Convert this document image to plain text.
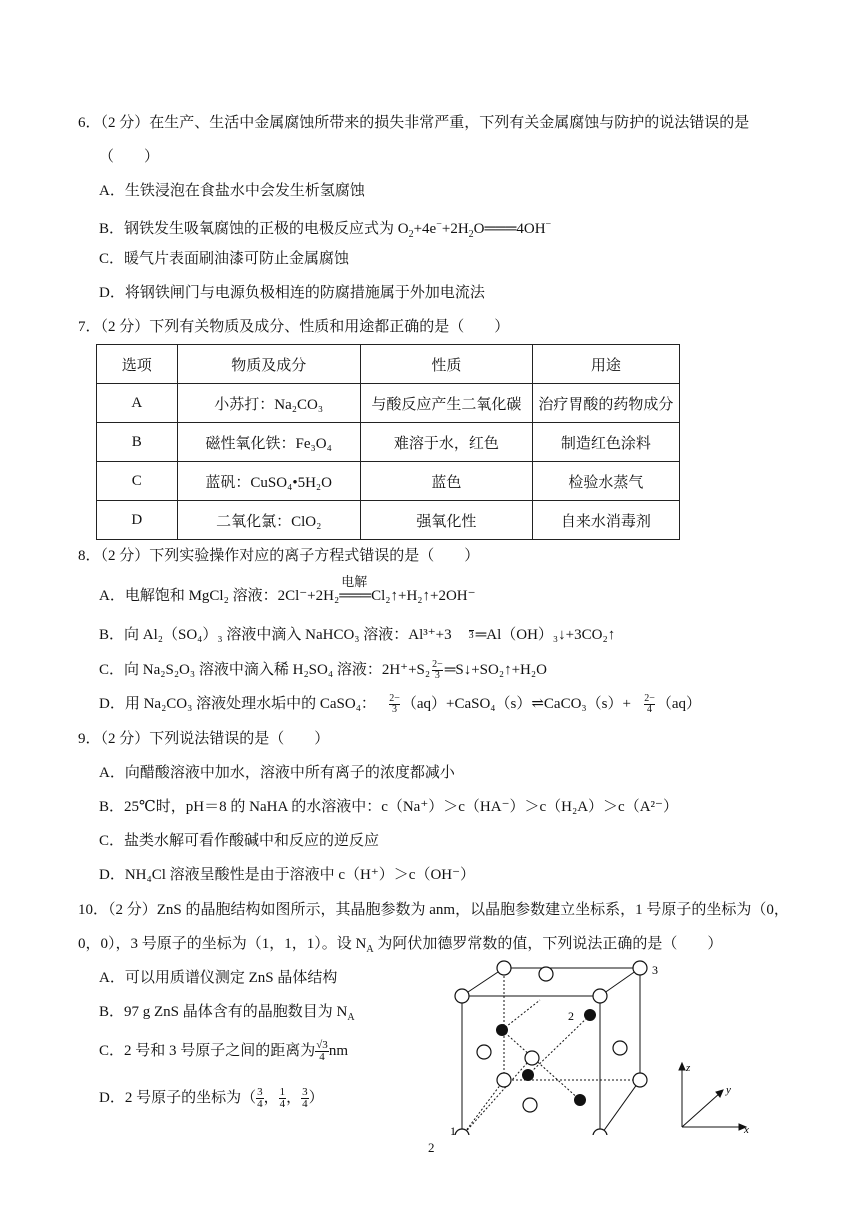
6．（2 分）在生产、生活中金属腐蚀所带来的损失非常严重，下列有关金属腐蚀与防护的说法错误的是
（　　）
A．生铁浸泡在食盐水中会发生析氢腐蚀
B．钢铁发生吸氧腐蚀的正极的电极反应式为 $O_2+4e^-+2H_2O═══4OH^-$
C．暖气片表面刷油漆可防止金属腐蚀
D．将钢铁闸门与电源负极相连的防腐措施属于外加电流法
7．（2 分）下列有关物质及成分、性质和用途都正确的是（　　）
选项	物质及成分	性质	用途
A	小苏打：Na₂CO₃	与酸反应产生二氧化碳	治疗胃酸的药物成分
B	磁性氧化铁：Fe₃O₄	难溶于水，红色	制造红色涂料
C	蓝矾：CuSO₄•5H₂O	蓝色	检验水蒸气
D	二氧化氯：ClO₂	强氧化性	自来水消毒剂
8．（2 分）下列实验操作对应的离子方程式错误的是（　　）
A．电解饱和 MgCl₂ 溶液：2Cl⁻+2H₂
电解
═══Cl₂↑+H₂↑+2OH⁻
B．向 Al₂（SO₄）₃ 溶液中滴入 NaHCO₃ 溶液：Al³⁺+3 3 ═Al（OH）₃↓+3CO₂↑
C．向 Na₂S₂O₃ 溶液中滴入稀 H₂SO₄ 溶液：$2H^++S_2 \frac{2-}{3}$ ═S↓+SO₂↑+H₂O
D．用 Na₂CO₃ 溶液处理水垢中的 CaSO₄： $\frac{2-}{3}$ （aq）+CaSO₄（s）⇌CaCO₃（s）+ $\frac{2-}{4} (aq)$
9．（2 分）下列说法错误的是（　　）
A．向醋酸溶液中加水，溶液中所有离子的浓度都减小
B．25℃时，pH＝8 的 NaHA 的水溶液中：c（Na⁺）＞c（HA⁻）＞c（H₂A）＞c（A²⁻）
C．盐类水解可看作酸碱中和反应的逆反应
D．NH₄Cl 溶液呈酸性是由于溶液中 c（H⁺）＞c（OH⁻）
10．（2 分）ZnS 的晶胞结构如图所示，其晶胞参数为 anm，以晶胞参数建立坐标系，1 号原子的坐标为（0，
0，0），3 号原子的坐标为（1，1，1）。设 $N_A$ 为阿伏加德罗常数的值，下列说法正确的是（　　）
A．可以用质谱仪测定 ZnS 晶体结构
B．97 g ZnS 晶体含有的晶胞数目为 $N_A$
C．2 号和 3 号原子之间的距离为 $\frac{√3}{4}$ nm
D．2 号原子的坐标为（ $\frac{3}{4}$ ， $\frac{1}{4}$ ， $\frac{3}{4}$ ）
3
2
1
z
y
x
2
